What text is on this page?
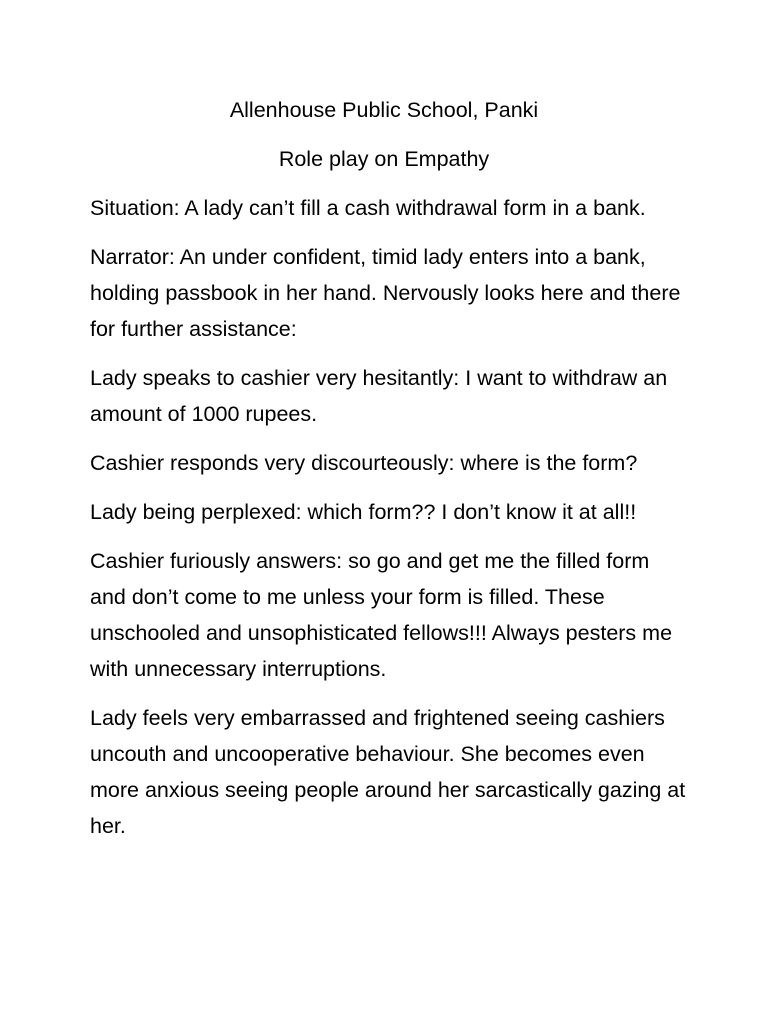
Allenhouse Public School, Panki

Role play on Empathy

Situation: A lady can’t fill a cash withdrawal form in a bank.

Narrator: An under confident, timid lady enters into a bank, holding passbook in her hand. Nervously looks here and there for further assistance:

Lady speaks to cashier very hesitantly: I want to withdraw an amount of 1000 rupees.

Cashier responds very discourteously: where is the form?

Lady being perplexed: which form?? I don’t know it at all!!

Cashier furiously answers: so go and get me the filled form and don’t come to me unless your form is filled. These unschooled and unsophisticated fellows!!! Always pesters me with unnecessary interruptions.

Lady feels very embarrassed and frightened seeing cashiers uncouth and uncooperative behaviour. She becomes even more anxious seeing people around her sarcastically gazing at her.
